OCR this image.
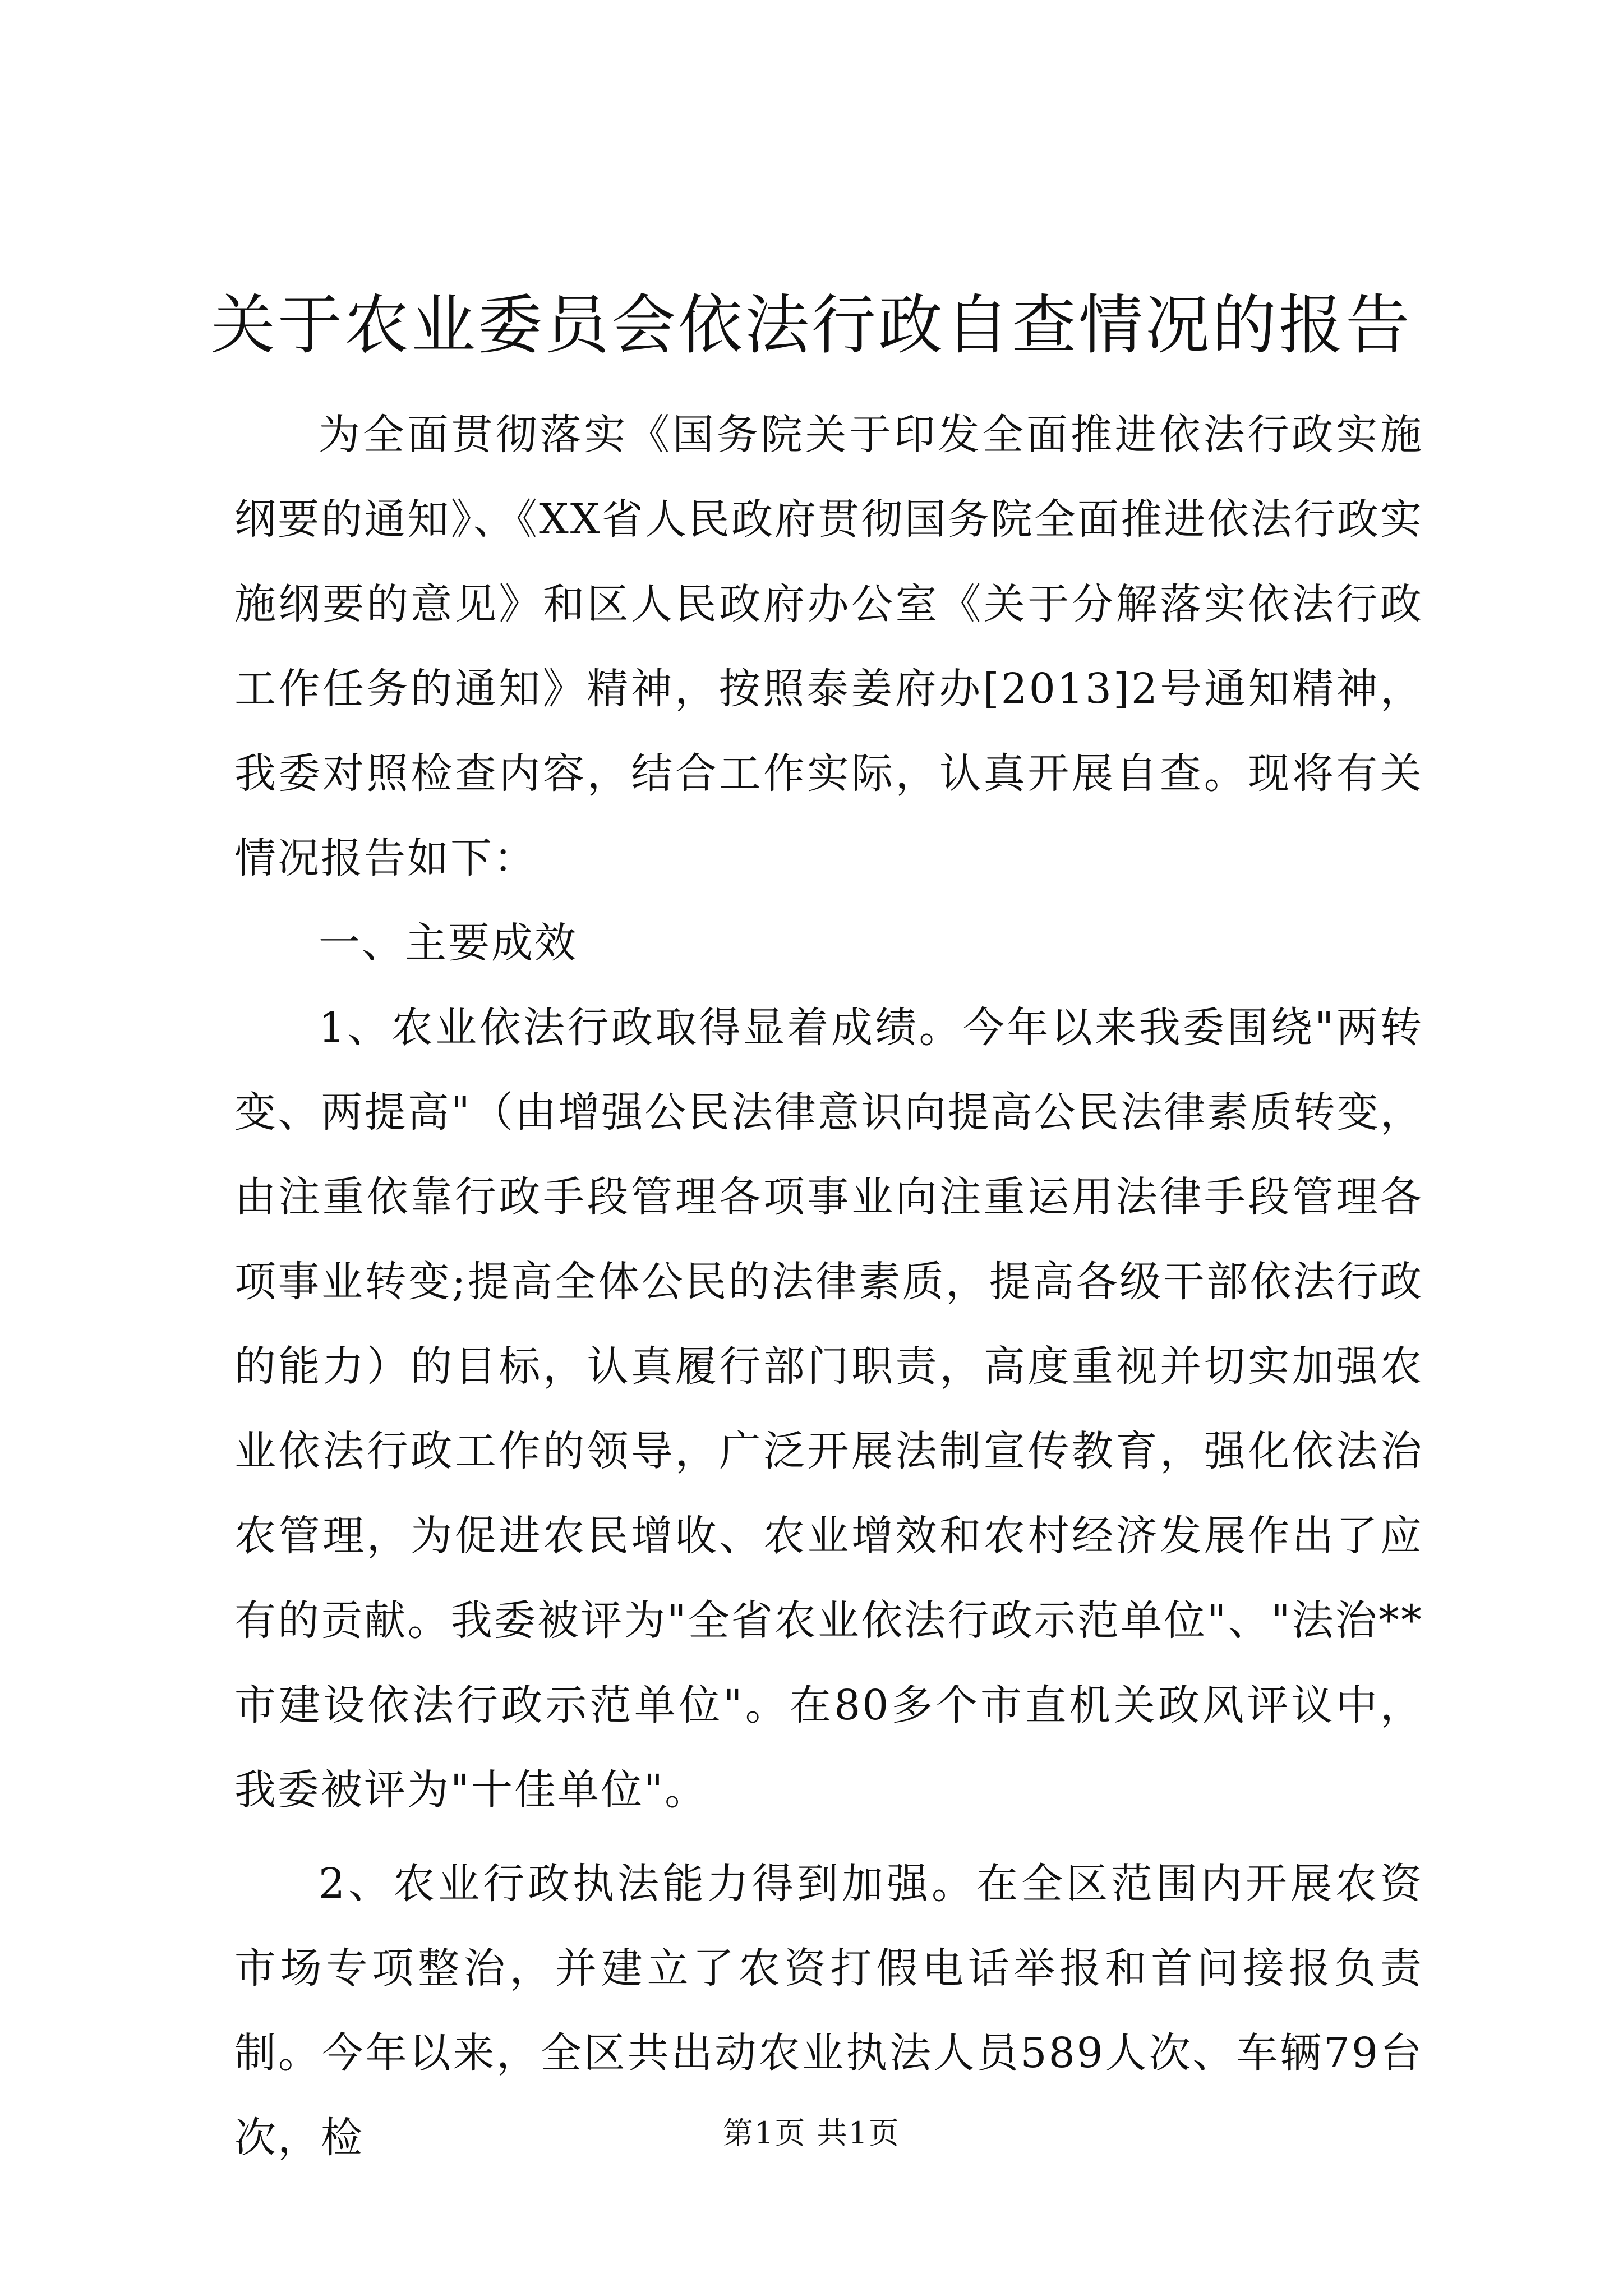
关于农业委员会依法行政自查情况的报告

为全面贯彻落实《国务院关于印发全面推进依法行政实施纲要的通知》、《XX省人民政府贯彻国务院全面推进依法行政实施纲要的意见》和区人民政府办公室《关于分解落实依法行政工作任务的通知》精神，按照泰姜府办[2013]2号通知精神，我委对照检查内容，结合工作实际，认真开展自查。现将有关情况报告如下：

一、主要成效

1、农业依法行政取得显着成绩。今年以来我委围绕"两转变、两提高"（由增强公民法律意识向提高公民法律素质转变，由注重依靠行政手段管理各项事业向注重运用法律手段管理各项事业转变;提高全体公民的法律素质，提高各级干部依法行政的能力）的目标，认真履行部门职责，高度重视并切实加强农业依法行政工作的领导，广泛开展法制宣传教育，强化依法治农管理，为促进农民增收、农业增效和农村经济发展作出了应有的贡献。我委被评为"全省农业依法行政示范单位"、"法治**市建设依法行政示范单位"。在80多个市直机关政风评议中，我委被评为"十佳单位"。

2、农业行政执法能力得到加强。在全区范围内开展农资市场专项整治，并建立了农资打假电话举报和首问接报负责制。今年以来，全区共出动农业执法人员589人次、车辆79台次，检	第1页 共1页
